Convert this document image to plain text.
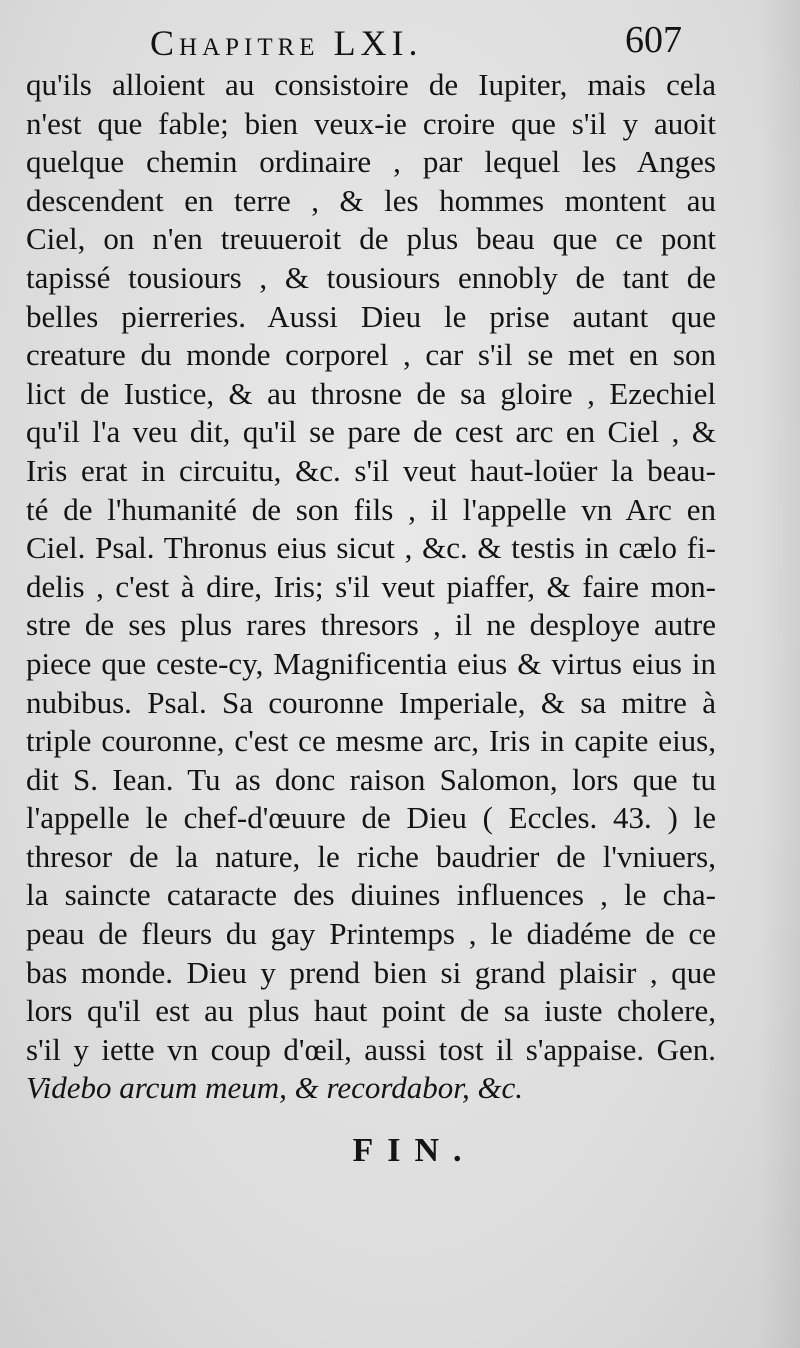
Chapitre LXI.	607
qu'ils alloient au consistoire de Iupiter, mais cela
n'est que fable; bien veux-ie croire que s'il y auoit
quelque chemin ordinaire , par lequel les Anges
descendent en terre , & les hommes montent au
Ciel, on n'en treuueroit de plus beau que ce pont
tapissé tousiours , & tousiours ennobly de tant de
belles pierreries. Aussi Dieu le prise autant que
creature du monde corporel , car s'il se met en son
lict de Iustice, & au throsne de sa gloire , Ezechiel
qu'il l'a veu dit, qu'il se pare de cest arc en Ciel , &
Iris erat in circuitu, &c. s'il veut haut-loüer la beau-
té de l'humanité de son fils , il l'appelle vn Arc en
Ciel. Psal. Thronus eius sicut , &c. & testis in cælo fi-
delis , c'est à dire, Iris; s'il veut piaffer, & faire mon-
stre de ses plus rares thresors , il ne desploye autre
piece que ceste-cy, Magnificentia eius & virtus eius in
nubibus. Psal. Sa couronne Imperiale, & sa mitre à
triple couronne, c'est ce mesme arc, Iris in capite eius,
dit S. Iean. Tu as donc raison Salomon, lors que tu
l'appelle le chef-d'œuure de Dieu ( Eccles. 43. ) le
thresor de la nature, le riche baudrier de l'vniuers,
la saincte cataracte des diuines influences , le cha-
peau de fleurs du gay Printemps , le diadéme de ce
bas monde. Dieu y prend bien si grand plaisir , que
lors qu'il est au plus haut point de sa iuste cholere,
s'il y iette vn coup d'œil, aussi tost il s'appaise. Gen.
Videbo arcum meum, & recordabor, &c.
FIN.
